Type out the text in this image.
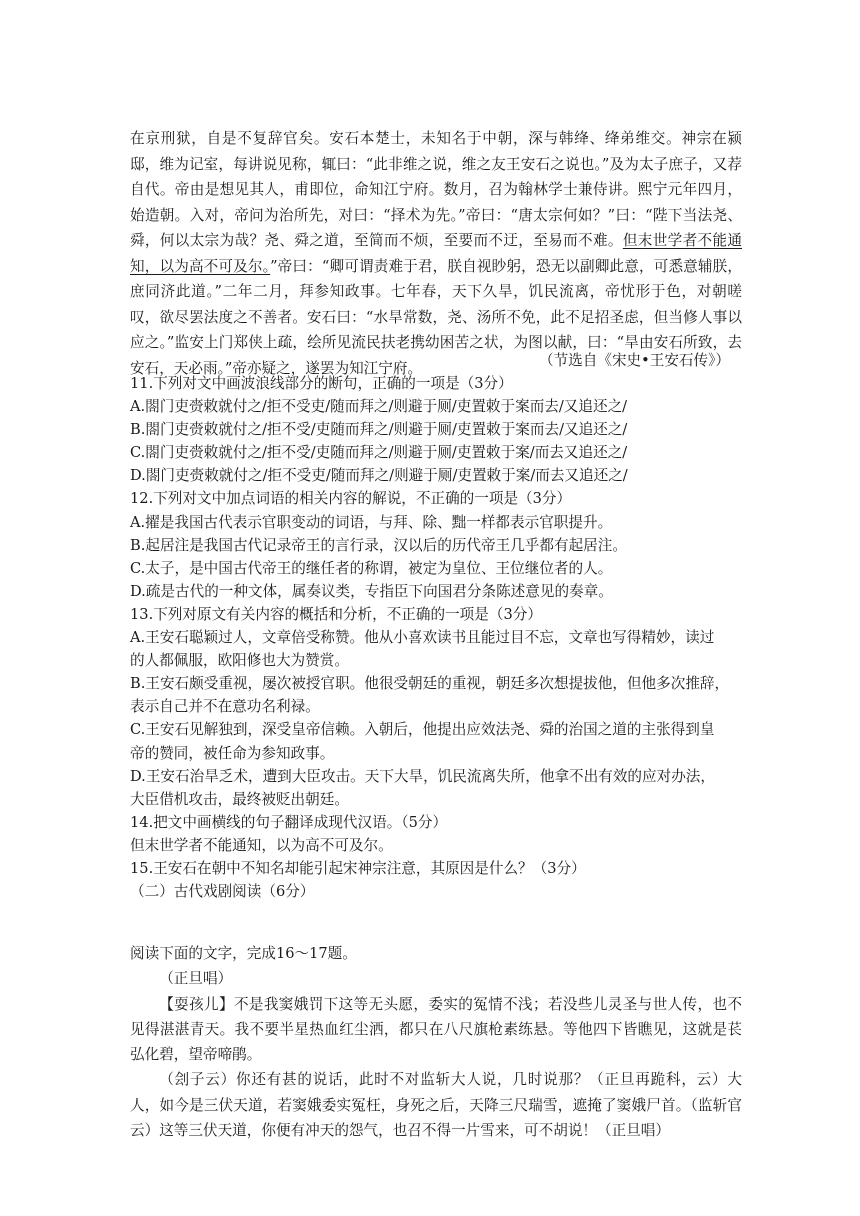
在京刑狱，自是不复辞官矣。安石本楚士，未知名于中朝，深与韩绛、绛弟维交。神宗在颍邸，维为记室，每讲说见称，辄曰：“此非维之说，维之友王安石之说也。”及为太子庶子，又荐自代。帝由是想见其人，甫即位，命知江宁府。数月，召为翰林学士兼侍讲。熙宁元年四月，始造朝。入对，帝问为治所先，对曰：“择术为先。”帝曰：“唐太宗何如？”曰：“陛下当法尧、舜，何以太宗为哉？尧、舜之道，至简而不烦，至要而不迂，至易而不难。但末世学者不能通知，以为高不可及尔。”帝曰：“卿可谓责难于君，朕自视眇躬，恐无以副卿此意，可悉意辅朕，庶同济此道。”二年二月，拜参知政事。七年春，天下久旱，饥民流离，帝忧形于色，对朝嗟叹，欲尽罢法度之不善者。安石曰：“水旱常数，尧、汤所不免，此不足招圣虑，但当修人事以应之。”监安上门郑侠上疏，绘所见流民扶老携幼困苦之状，为图以献，曰：“旱由安石所致，去安石，天必雨。”帝亦疑之，遂罢为知江宁府。	（节选自《宋史•王安石传》）

11.下列对文中画波浪线部分的断句，正确的一项是（3分）

A.閤门吏赍敕就付之/拒不受吏/随而拜之/则避于厕/吏置敕于案而去/又追还之/

B.閤门吏赍敕就付之/拒不受/吏随而拜之/则避于厕/吏置敕于案而去/又追还之/

C.閤门吏赍敕就付之/拒不受/吏随而拜之/则避于厕/吏置敕于案/而去又追还之/

D.閤门吏赍敕就付之/拒不受吏/随而拜之/则避于厕/吏置敕于案/而去又追还之/

12.下列对文中加点词语的相关内容的解说，不正确的一项是（3分）

A.擢是我国古代表示官职变动的词语，与拜、除、黜一样都表示官职提升。

B.起居注是我国古代记录帝王的言行录，汉以后的历代帝王几乎都有起居注。

C.太子，是中国古代帝王的继任者的称谓，被定为皇位、王位继位者的人。

D.疏是古代的一种文体，属奏议类，专指臣下向国君分条陈述意见的奏章。

13.下列对原文有关内容的概括和分析，不正确的一项是（3分）

A.王安石聪颖过人，文章倍受称赞。他从小喜欢读书且能过目不忘，文章也写得精妙，读过

的人都佩服，欧阳修也大为赞赏。

B.王安石颇受重视，屡次被授官职。他很受朝廷的重视，朝廷多次想提拔他，但他多次推辞，

表示自己并不在意功名利禄。

C.王安石见解独到，深受皇帝信赖。入朝后，他提出应效法尧、舜的治国之道的主张得到皇

帝的赞同，被任命为参知政事。

D.王安石治旱乏术，遭到大臣攻击。天下大旱，饥民流离失所，他拿不出有效的应对办法，

大臣借机攻击，最终被贬出朝廷。

14.把文中画横线的句子翻译成现代汉语。（5分）

但末世学者不能通知，以为高不可及尔。

15.王安石在朝中不知名却能引起宋神宗注意，其原因是什么？（3分）

（二）古代戏剧阅读（6分）

阅读下面的文字，完成16～17题。

（正旦唱）

【耍孩儿】不是我窦娥罚下这等无头愿，委实的冤情不浅；若没些儿灵圣与世人传，也不见得湛湛青天。我不要半星热血红尘洒，都只在八尺旗枪素练悬。等他四下皆瞧见，这就是苌弘化碧，望帝啼鹃。

（刽子云）你还有甚的说话，此时不对监斩大人说，几时说那？（正旦再跪科，云）大人，如今是三伏天道，若窦娥委实冤枉，身死之后，天降三尺瑞雪，遮掩了窦娥尸首。（监斩官云）这等三伏天道，你便有冲天的怨气，也召不得一片雪来，可不胡说！（正旦唱）
